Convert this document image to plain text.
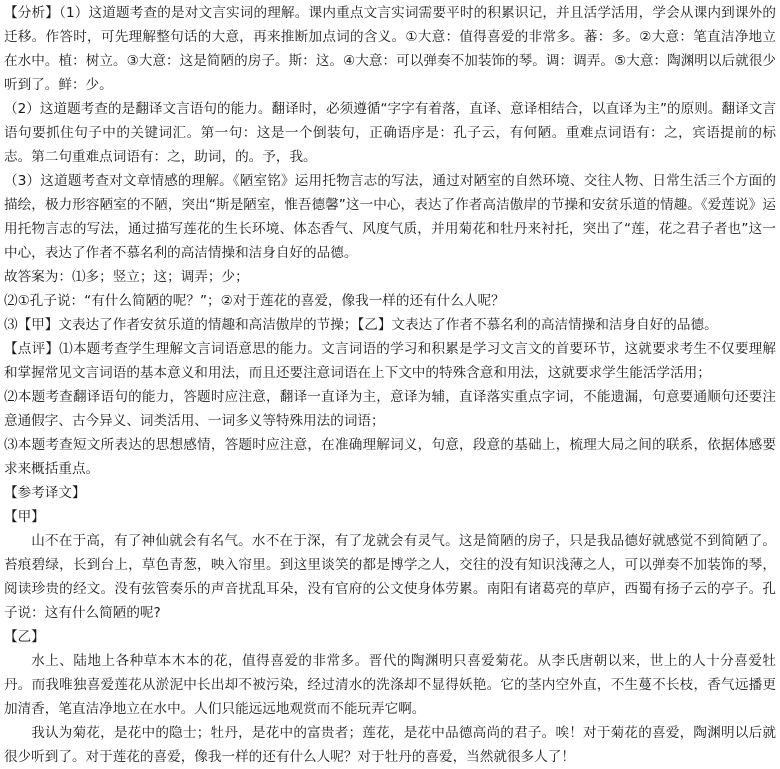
【分析】（1）这道题考查的是对文言实词的理解。课内重点文言实词需要平时的积累识记，并且活学活用，学会从课内到课外的迁移。作答时，可先理解整句话的大意，再来推断加点词的含义。①大意：值得喜爱的非常多。蕃：多。②大意：笔直洁净地立在水中。植：树立。③大意：这是简陋的房子。斯：这。④大意：可以弹奏不加装饰的琴。调：调弄。⑤大意：陶渊明以后就很少听到了。鲜：少。

（2）这道题考查的是翻译文言语句的能力。翻译时，必须遵循“字字有着落，直译、意译相结合，以直译为主”的原则。翻译文言语句要抓住句子中的关键词汇。第一句：这是一个倒装句，正确语序是：孔子云，有何陋。重难点词语有：之，宾语提前的标志。第二句重难点词语有：之，助词，的。予，我。

（3）这道题考查对文章情感的理解。《陋室铭》运用托物言志的写法，通过对陋室的自然环境、交往人物、日常生活三个方面的描绘，极力形容陋室的不陋，突出“斯是陋室，惟吾德馨”这一中心，表达了作者高洁傲岸的节操和安贫乐道的情趣。《爱莲说》运用托物言志的写法，通过描写莲花的生长环境、体态香气、风度气质，并用菊花和牡丹来衬托，突出了“莲，花之君子者也”这一中心，表达了作者不慕名利的高洁情操和洁身自好的品德。

故答案为：⑴多；竖立；这；调弄；少；

⑵①孔子说：“有什么简陋的呢？”；②对于莲花的喜爱，像我一样的还有什么人呢？

⑶【甲】文表达了作者安贫乐道的情趣和高洁傲岸的节操；【乙】文表达了作者不慕名利的高洁情操和洁身自好的品德。

【点评】⑴本题考查学生理解文言词语意思的能力。文言词语的学习和积累是学习文言文的首要环节，这就要求考生不仅要理解和掌握常见文言词语的基本意义和用法，而且还要注意词语在上下文中的特殊含意和用法，这就要求学生能活学活用；

⑵本题考查翻译语句的能力，答题时应注意，翻译一直译为主，意译为辅，直译落实重点字词，不能遗漏，句意要通顺句还要注意通假字、古今异义、词类活用、一词多义等特殊用法的词语；

⑶本题考查短文所表达的思想感情，答题时应注意，在准确理解词义，句意，段意的基础上，梳理大局之间的联系，依据体感要求来概括重点。

【参考译文】

【甲】

山不在于高，有了神仙就会有名气。水不在于深，有了龙就会有灵气。这是简陋的房子，只是我品德好就感觉不到简陋了。苔痕碧绿，长到台上，草色青葱，映入帘里。到这里谈笑的都是博学之人，交往的没有知识浅薄之人，可以弹奏不加装饰的琴，阅读珍贵的经文。没有弦管奏乐的声音扰乱耳朵，没有官府的公文使身体劳累。南阳有诸葛亮的草庐，西蜀有扬子云的亭子。孔子说：这有什么简陋的呢?

【乙】

水上、陆地上各种草本木本的花，值得喜爱的非常多。晋代的陶渊明只喜爱菊花。从李氏唐朝以来，世上的人十分喜爱牡丹。而我唯独喜爱莲花从淤泥中长出却不被污染，经过清水的洗涤却不显得妖艳。它的茎内空外直，不生蔓不长枝，香气远播更加清香，笔直洁净地立在水中。人们只能远远地观赏而不能玩弄它啊。

我认为菊花，是花中的隐士；牡丹，是花中的富贵者；莲花，是花中品德高尚的君子。唉！对于菊花的喜爱，陶渊明以后就很少听到了。对于莲花的喜爱，像我一样的还有什么人呢？对于牡丹的喜爱，当然就很多人了！
